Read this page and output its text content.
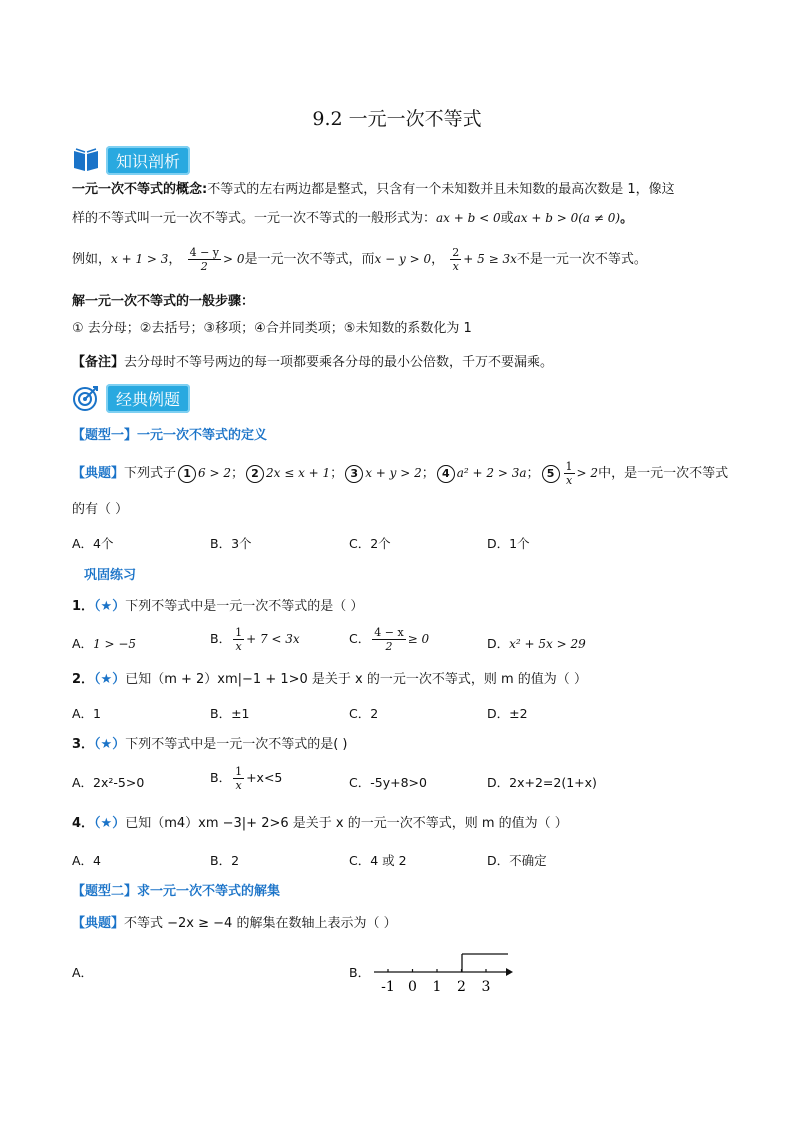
9.2 一元一次不等式
知识剖析
一元一次不等式的概念:不等式的左右两边都是整式，只含有一个未知数并且未知数的最高次数是 1，像这
样的不等式叫一元一次不等式。一元一次不等式的一般形式为：ax + b < 0或ax + b > 0(a ≠ 0)。
例如，x + 1 > 3， $\frac{4 - y}{2} > 0$是一元一次不等式，而x − y > 0， $\frac{2}{x} + 5 \ge 3x$不是一元一次不等式。
解一元一次不等式的一般步骤：
① 去分母；②去括号；③移项；④合并同类项；⑤未知数的系数化为 1
【备注】去分母时不等号两边的每一项都要乘各分母的最小公倍数，千万不要漏乘。
经典例题
【题型一】一元一次不等式的定义
【典题】下列式子 1 6 > 2； 2 2x ≤ x + 1； 3 x + y > 2； 4 a² + 2 > 3a； $5 \frac{1}{x} > 2$中，是一元一次不等式
的有（ ）
A．4个	B．3个	C．2个	D．1个
巩固练习
1．（★）下列不等式中是一元一次不等式的是（ ）
A．1 > −5	B． $\frac{1}{x} + 7 < 3x$	C． $\frac{4 - x}{2} \ge 0$	D．x² + 5x > 29
2．（★）已知（m + 2）xm|−1 + 1>0 是关于 x 的一元一次不等式，则 m 的值为（ ）
A．1	B．±1	C．2	D．±2
3．（★）下列不等式中是一元一次不等式的是( )
A．2x²-5>0	B． $\frac{1}{x} +x<5$	C．-5y+8>0	D．2x+2=2(1+x)
4．（★）已知（m4）xm −3|+ 2>6 是关于 x 的一元一次不等式，则 m 的值为（ ）
A．4	B．2	C．4 或 2	D．不确定
【题型二】求一元一次不等式的解集
【典题】不等式 −2x ≥ −4 的解集在数轴上表示为（ ）
A．	B．
-1 0 1 2 3
